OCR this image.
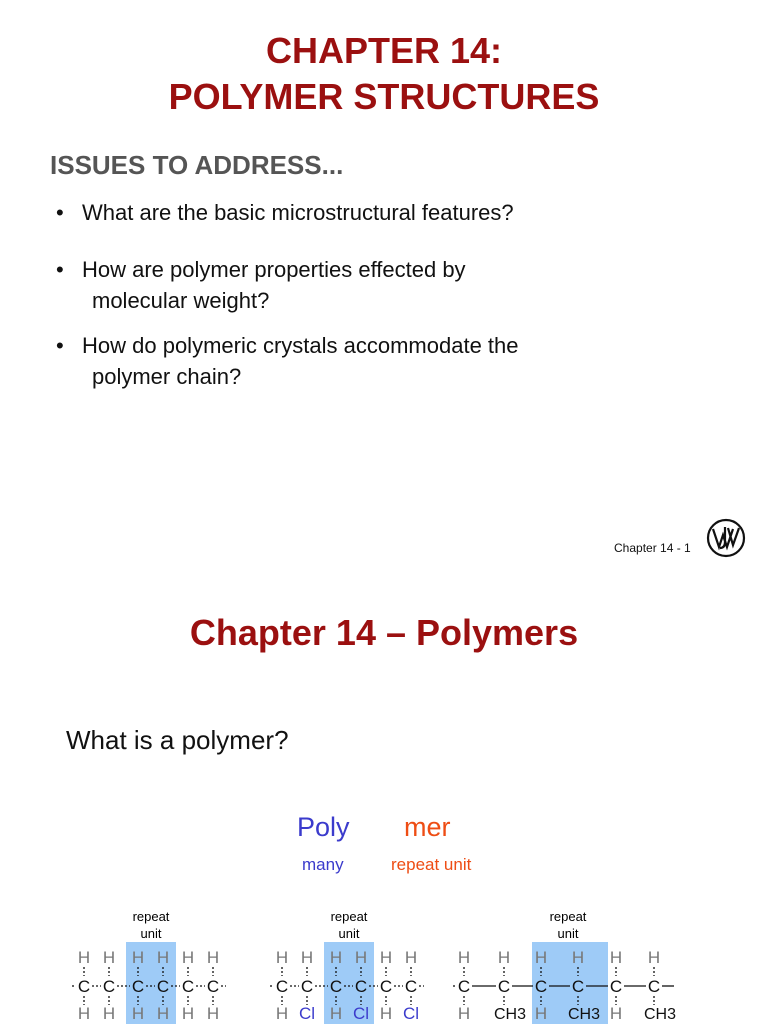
CHAPTER 14:
POLYMER STRUCTURES
ISSUES TO ADDRESS...
• What are the basic microstructural features?
• How are polymer properties effected by
molecular weight?
• How do polymeric crystals accommodate the
polymer chain?
Chapter 14 - 1
Chapter 14 – Polymers
What is a polymer?
Poly mer
many	repeat unit
repeat
unit
H H H H H H
H H H H H H
C C C C C C
repeat
unit
H H H H H H
H H H
Cl Cl Cl
C C C C C C
repeat
unit
H H H H H H
H	H	H
CH3	CH3	CH3
C C C C C C
